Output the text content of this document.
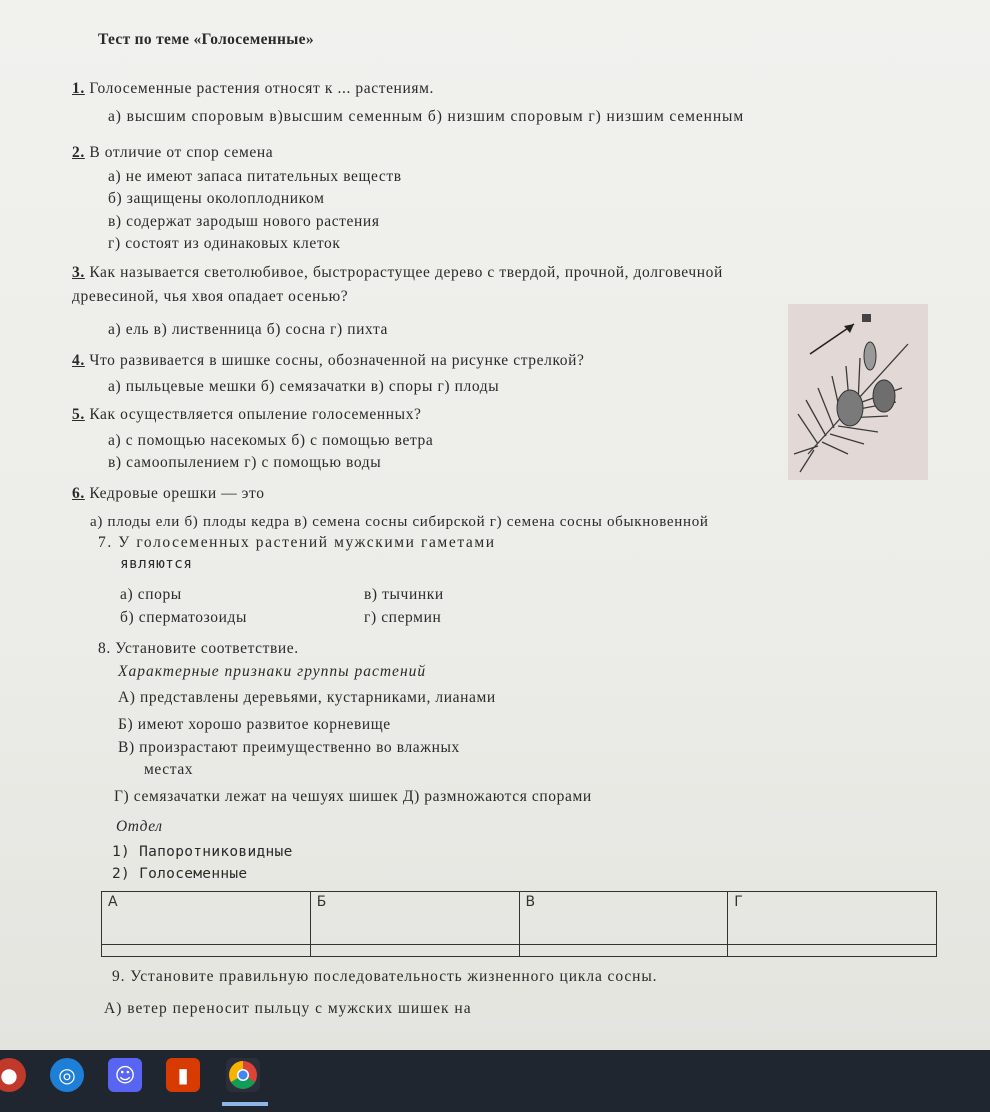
Тест по теме «Голосеменные»
1. Голосеменные растения относят к ... растениям.
а) высшим споровым в)высшим семенным б) низшим споровым г) низшим семенным
2. В отличие от спор семена
а) не имеют запаса питательных веществ
б) защищены околоплодником
в) содержат зародыш нового растения
г) состоят из одинаковых клеток
3. Как называется светолюбивое, быстрорастущее дерево с твердой, прочной, долговечной
древесиной, чья хвоя опадает осенью?
а) ель в) лиственница б) сосна г) пихта
4. Что развивается в шишке сосны, обозначенной на рисунке стрелкой?
а) пыльцевые мешки б) семязачатки в) споры г) плоды
5. Как осуществляется опыление голосеменных?
а) с помощью насекомых б) с помощью ветра
в) самоопылением г) с помощью воды
6. Кедровые орешки — это
а) плоды ели б) плоды кедра в) семена сосны сибирской г) семена сосны обыкновенной
7. У голосеменных растений мужскими гаметами
являются
а) споры
б) сперматозоиды
в) тычинки
г) спермин
8. Установите соответствие.
Характерные признаки группы растений
А) представлены деревьями, кустарниками, лианами
Б) имеют хорошо развитое корневище
В) произрастают преимущественно во влажных
местах
Г) семязачатки лежат на чешуях шишек Д) размножаются спорами
Отдел
1) Папоротниковидные
2) Голосеменные
А	Б	В	Г

9. Установите правильную последовательность жизненного цикла сосны.
А) ветер переносит пыльцу с мужских шишек на
●	◎	☺	▮
